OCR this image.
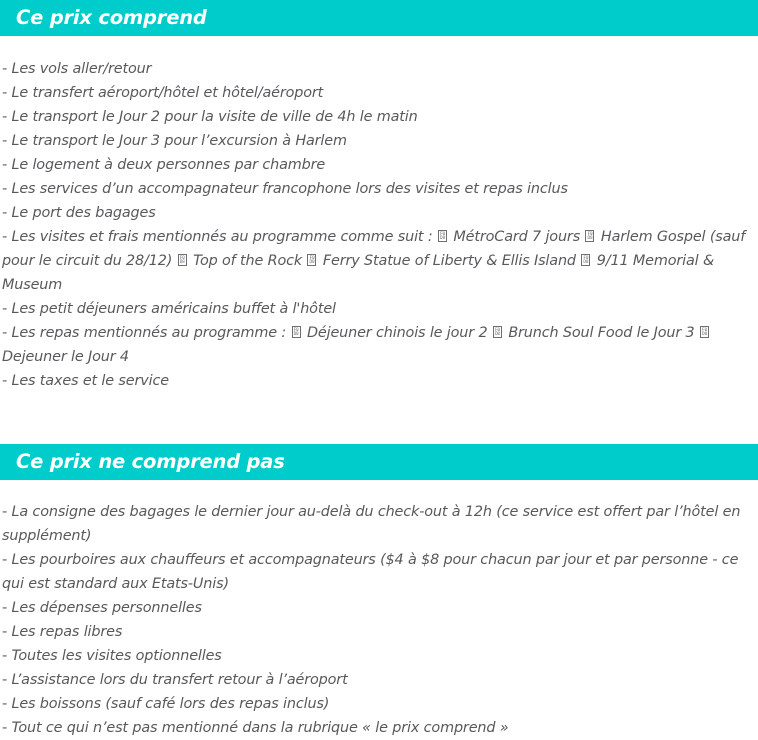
Ce prix comprend
- Les vols aller/retour
- Le transfert aéroport/hôtel et hôtel/aéroport
- Le transport le Jour 2 pour la visite de ville de 4h le matin
- Le transport le Jour 3 pour l’excursion à Harlem
- Le logement à deux personnes par chambre
- Les services d’un accompagnateur francophone lors des visites et repas inclus
- Le port des bagages
- Les visites et frais mentionnés au programme comme suit : F0
D8 MétroCard 7 jours F0
D8 Harlem Gospel (sauf pour le circuit du 28/12) F0
D8 Top of the Rock F0
D8 Ferry Statue of Liberty & Ellis Island F0
D8 9/11 Memorial & Museum
- Les petit déjeuners américains buffet à l'hôtel
- Les repas mentionnés au programme : F0
D8 Déjeuner chinois le jour 2 F0
D8 Brunch Soul Food le Jour 3 F0
D8
Dejeuner le Jour 4
- Les taxes et le service
Ce prix ne comprend pas
- La consigne des bagages le dernier jour au-delà du check-out à 12h (ce service est offert par l’hôtel en supplément)
- Les pourboires aux chauffeurs et accompagnateurs ($4 à $8 pour chacun par jour et par personne - ce qui est standard aux Etats-Unis)
- Les dépenses personnelles
- Les repas libres
- Toutes les visites optionnelles
- L’assistance lors du transfert retour à l’aéroport
- Les boissons (sauf café lors des repas inclus)
- Tout ce qui n’est pas mentionné dans la rubrique « le prix comprend »
